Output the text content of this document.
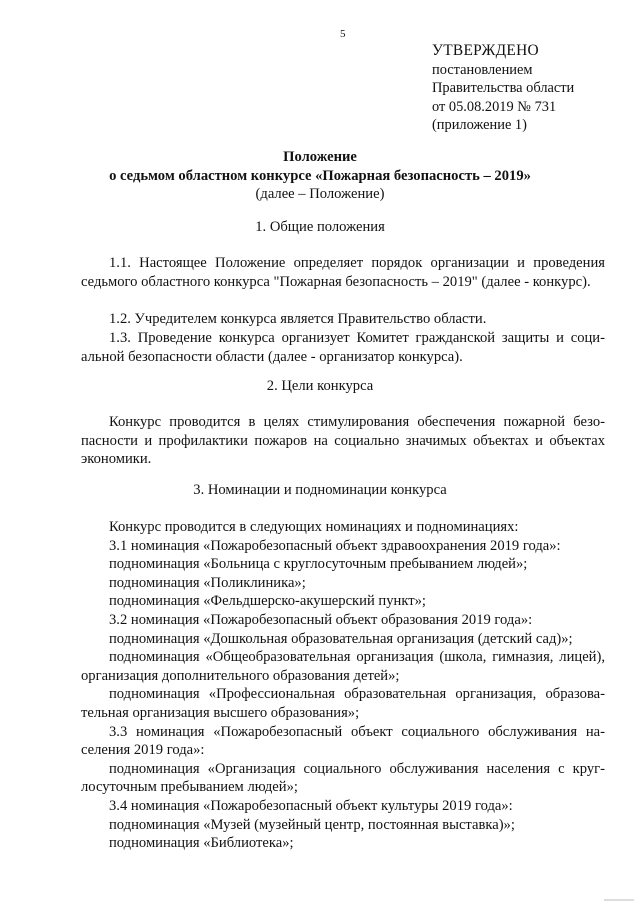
5
УТВЕРЖДЕНО
постановлением
Правительства области
от 05.08.2019 № 731
(приложение 1)
Положение
о седьмом областном конкурсе «Пожарная безопасность – 2019»
(далее – Положение)
1. Общие положения

1.1. Настоящее Положение определяет порядок организации и проведения седьмого областного конкурса "Пожарная безопасность – 2019" (далее - конкурс).

1.2. Учредителем конкурса является Правительство области.

1.3. Проведение конкурса организует Комитет гражданской защиты и социальной безопасности области (далее - организатор конкурса).

2. Цели конкурса

Конкурс проводится в целях стимулирования обеспечения пожарной безопасности и профилактики пожаров на социально значимых объектах и объектах экономики.

3. Номинации и подноминации конкурса

Конкурс проводится в следующих номинациях и подноминациях:

3.1 номинация «Пожаробезопасный объект здравоохранения 2019 года»:

подноминация «Больница с круглосуточным пребыванием людей»;

подноминация «Поликлиника»;

подноминация «Фельдшерско-акушерский пункт»;

3.2 номинация «Пожаробезопасный объект образования 2019 года»:

подноминация «Дошкольная образовательная организация (детский сад)»;

подноминация «Общеобразовательная организация (школа, гимназия, лицей), организация дополнительного образования детей»;

подноминация «Профессиональная образовательная организация, образовательная организация высшего образования»;

3.3 номинация «Пожаробезопасный объект социального обслуживания населения 2019 года»:

подноминация «Организация социального обслуживания населения с круглосуточным пребыванием людей»;

3.4 номинация «Пожаробезопасный объект культуры 2019 года»:

подноминация «Музей (музейный центр, постоянная выставка)»;

подноминация «Библиотека»;
